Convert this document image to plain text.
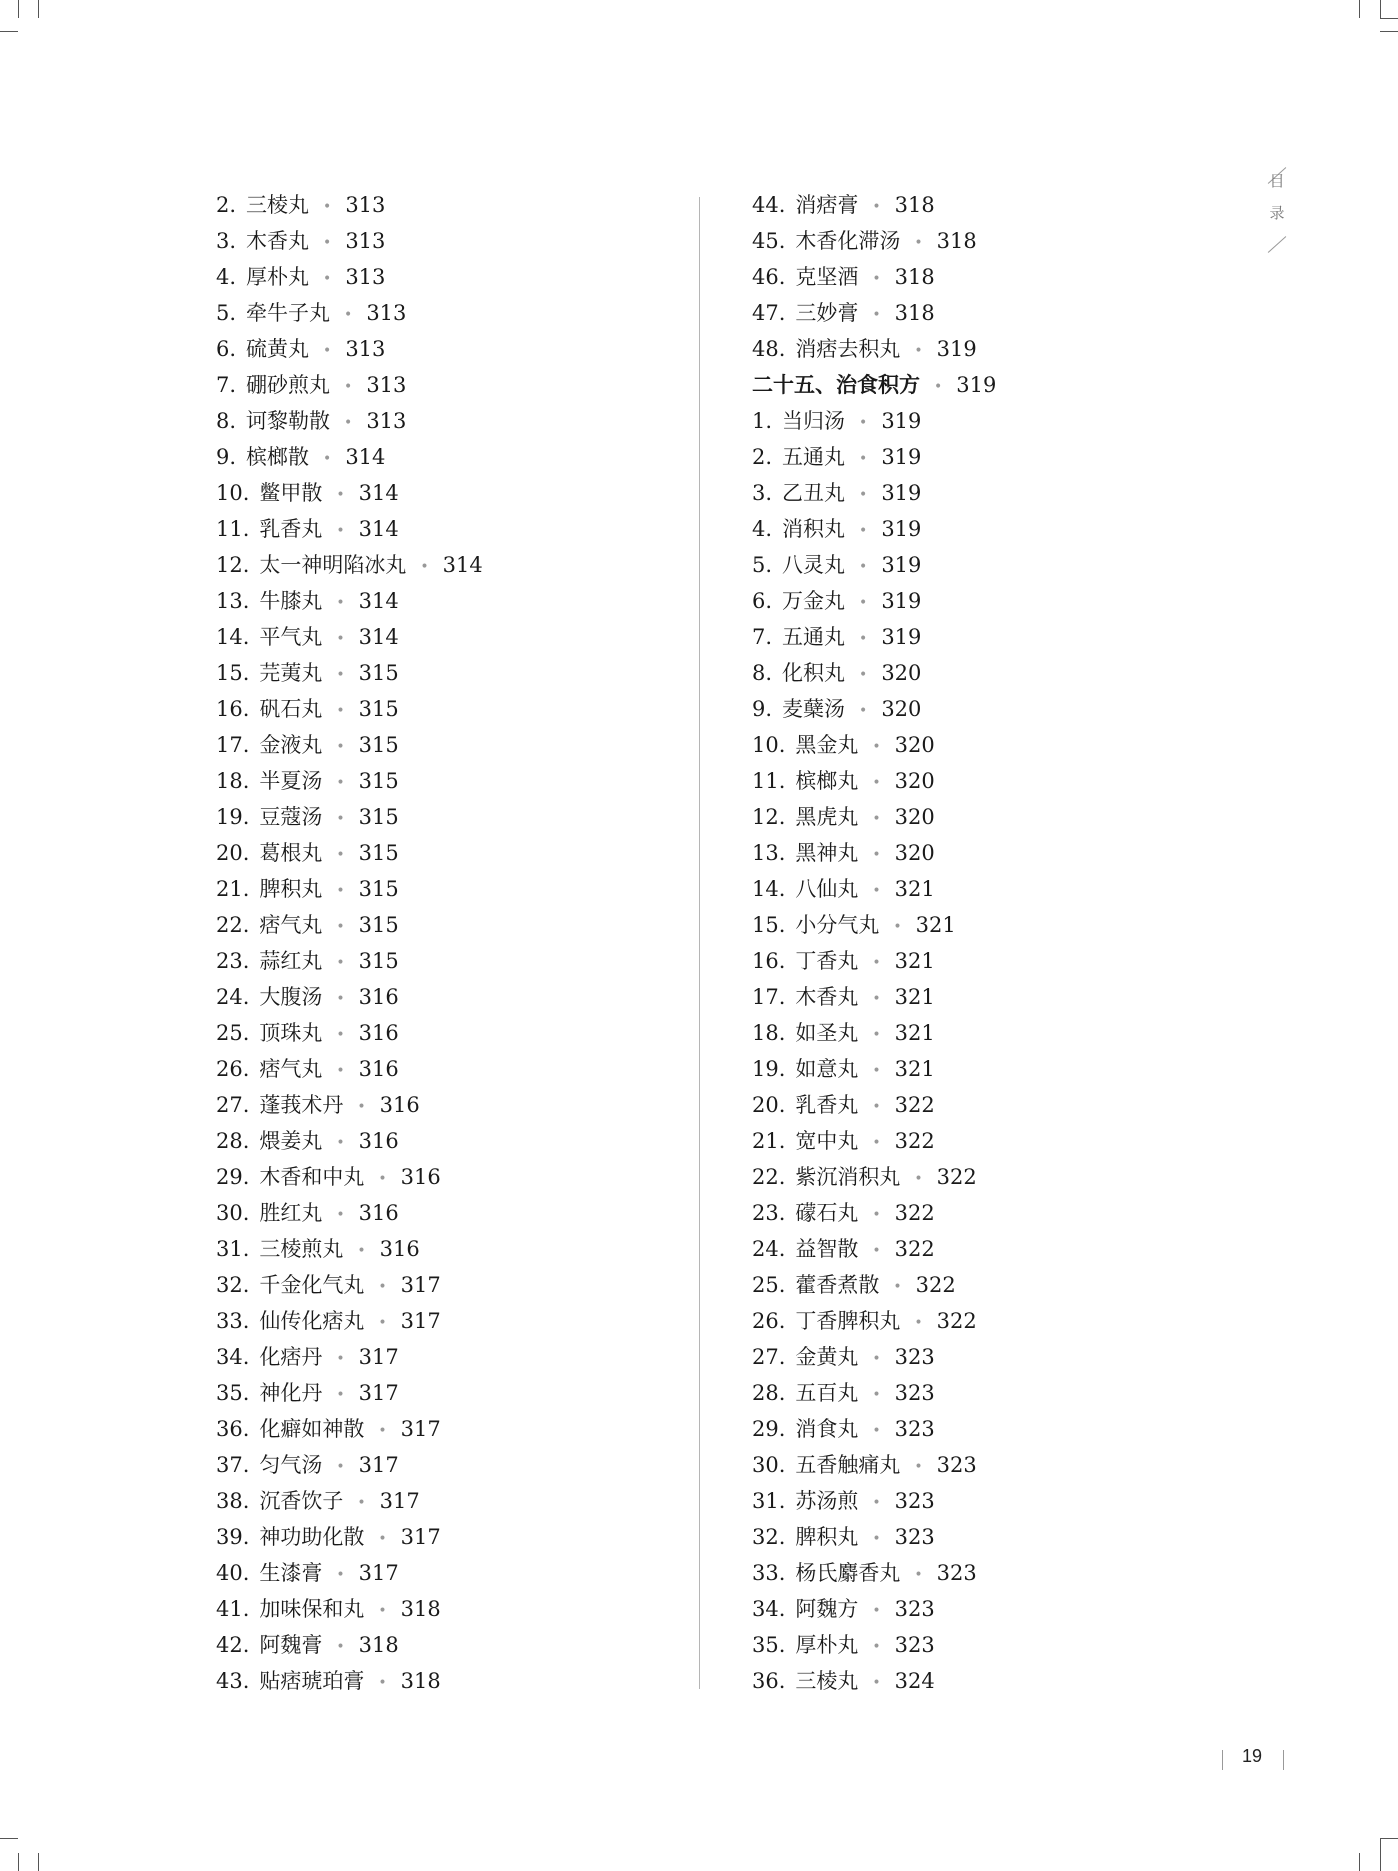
目
录
2. 三棱丸 • 313
3. 木香丸 • 313
4. 厚朴丸 • 313
5. 牵牛子丸 • 313
6. 硫黄丸 • 313
7. 硼砂煎丸 • 313
8. 诃黎勒散 • 313
9. 槟榔散 • 314
10. 鳖甲散 • 314
11. 乳香丸 • 314
12. 太一神明陷冰丸 • 314
13. 牛膝丸 • 314
14. 平气丸 • 314
15. 芫荑丸 • 315
16. 矾石丸 • 315
17. 金液丸 • 315
18. 半夏汤 • 315
19. 豆蔻汤 • 315
20. 葛根丸 • 315
21. 脾积丸 • 315
22. 痞气丸 • 315
23. 蒜红丸 • 315
24. 大腹汤 • 316
25. 顶珠丸 • 316
26. 痞气丸 • 316
27. 蓬莪术丹 • 316
28. 煨姜丸 • 316
29. 木香和中丸 • 316
30. 胜红丸 • 316
31. 三棱煎丸 • 316
32. 千金化气丸 • 317
33. 仙传化痞丸 • 317
34. 化痞丹 • 317
35. 神化丹 • 317
36. 化癖如神散 • 317
37. 匀气汤 • 317
38. 沉香饮子 • 317
39. 神功助化散 • 317
40. 生漆膏 • 317
41. 加味保和丸 • 318
42. 阿魏膏 • 318
43. 贴痞琥珀膏 • 318
44. 消痞膏 • 318
45. 木香化滞汤 • 318
46. 克坚酒 • 318
47. 三妙膏 • 318
48. 消痞去积丸 • 319
二十五、治食积方 • 319
1. 当归汤 • 319
2. 五通丸 • 319
3. 乙丑丸 • 319
4. 消积丸 • 319
5. 八灵丸 • 319
6. 万金丸 • 319
7. 五通丸 • 319
8. 化积丸 • 320
9. 麦蘖汤 • 320
10. 黑金丸 • 320
11. 槟榔丸 • 320
12. 黑虎丸 • 320
13. 黑神丸 • 320
14. 八仙丸 • 321
15. 小分气丸 • 321
16. 丁香丸 • 321
17. 木香丸 • 321
18. 如圣丸 • 321
19. 如意丸 • 321
20. 乳香丸 • 322
21. 宽中丸 • 322
22. 紫沉消积丸 • 322
23. 礞石丸 • 322
24. 益智散 • 322
25. 藿香煮散 • 322
26. 丁香脾积丸 • 322
27. 金黄丸 • 323
28. 五百丸 • 323
29. 消食丸 • 323
30. 五香触痛丸 • 323
31. 苏汤煎 • 323
32. 脾积丸 • 323
33. 杨氏麝香丸 • 323
34. 阿魏方 • 323
35. 厚朴丸 • 323
36. 三棱丸 • 324
19
